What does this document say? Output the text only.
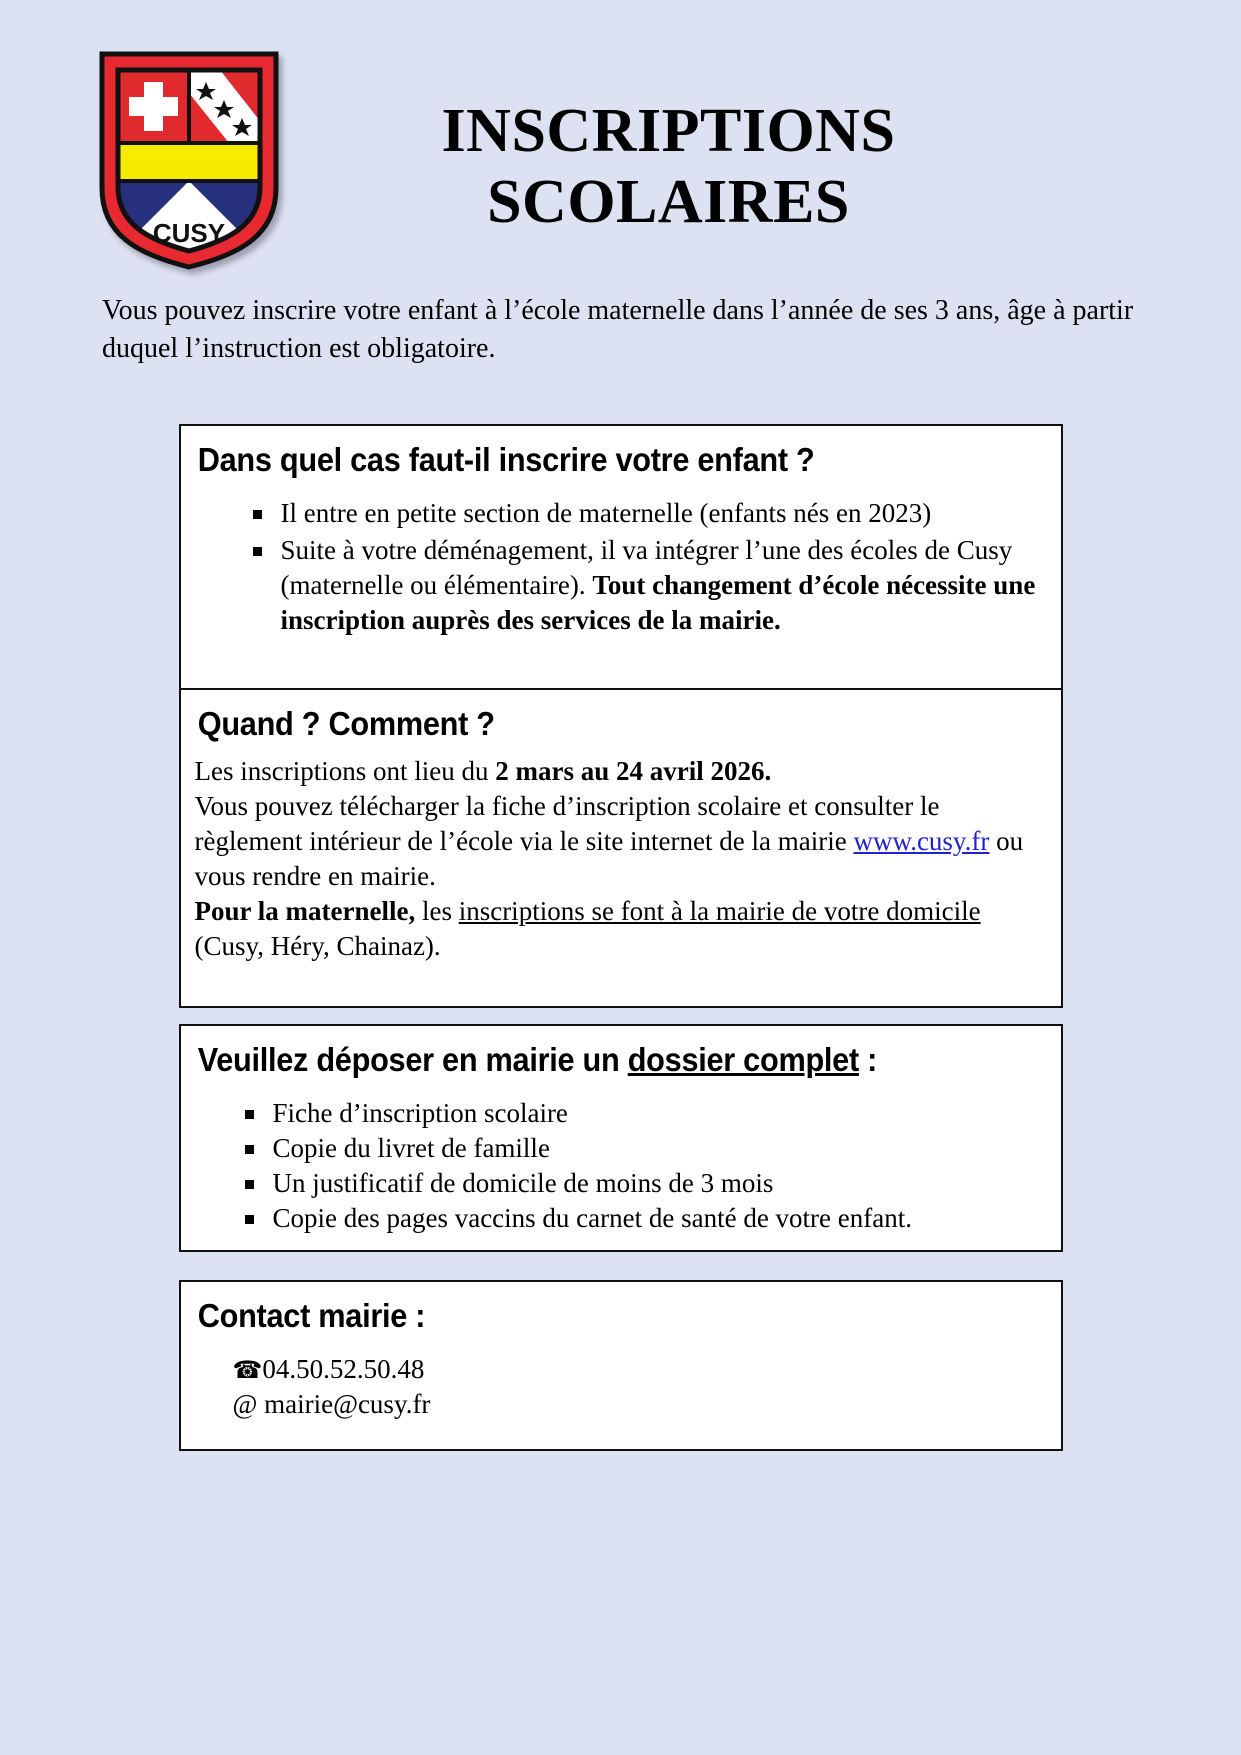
CUSY
INSCRIPTIONS
SCOLAIRES

Vous pouvez inscrire votre enfant à l’école maternelle dans l’année de ses 3 ans, âge à partir duquel l’instruction est obligatoire.

Dans quel cas faut-il inscrire votre enfant ?
Il entre en petite section de maternelle (enfants nés en 2023)
Suite à votre déménagement, il va intégrer l’une des écoles de Cusy (maternelle ou élémentaire). Tout changement d’école nécessite une inscription auprès des services de la mairie.
Quand ? Comment ?

Les inscriptions ont lieu du 2 mars au 24 avril 2026.

Vous pouvez télécharger la fiche d’inscription scolaire et consulter le règlement intérieur de l’école via le site internet de la mairie www.cusy.fr ou vous rendre en mairie.

Pour la maternelle, les inscriptions se font à la mairie de votre domicile (Cusy, Héry, Chainaz).

Veuillez déposer en mairie un dossier complet :
Fiche d’inscription scolaire
Copie du livret de famille
Un justificatif de domicile de moins de 3 mois
Copie des pages vaccins du carnet de santé de votre enfant.
Contact mairie :
☎04.50.52.50.48
@ mairie@cusy.fr
